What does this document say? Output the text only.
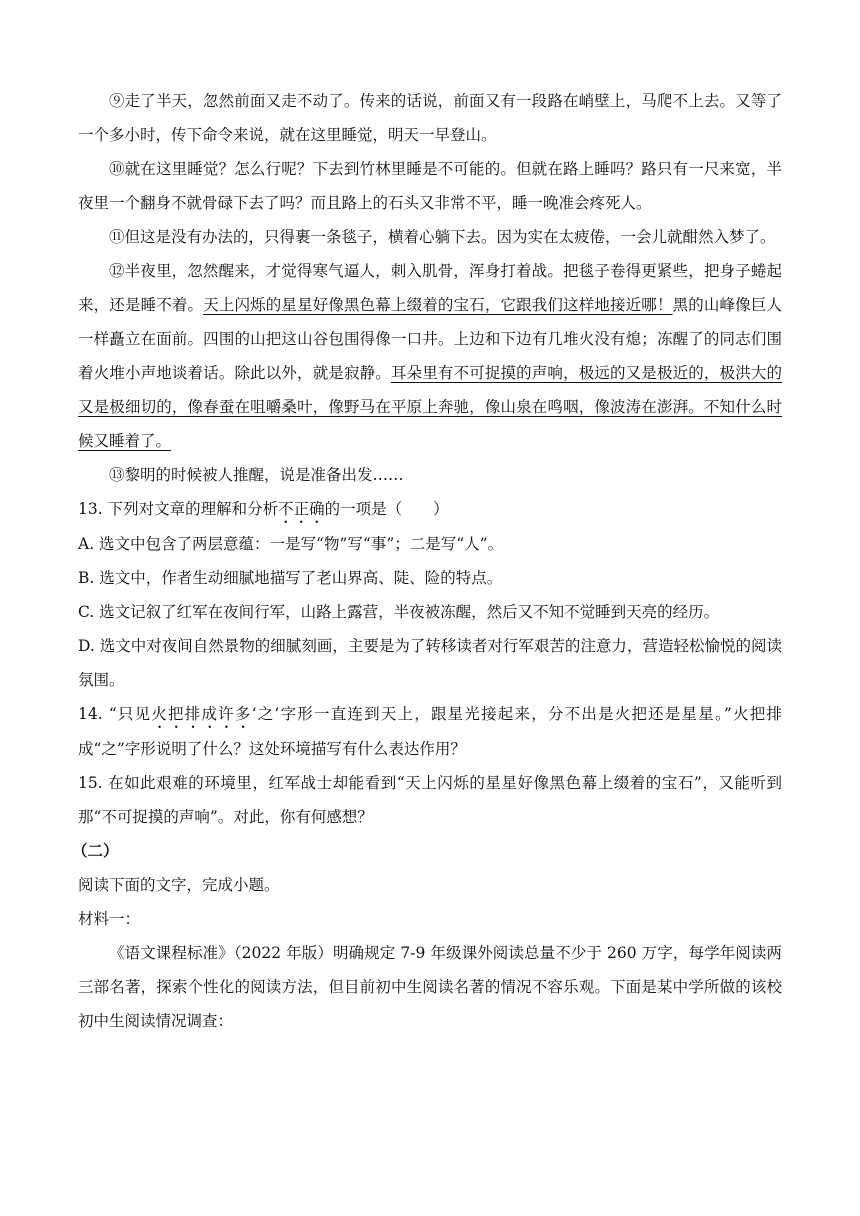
⑨走了半天，忽然前面又走不动了。传来的话说，前面又有一段路在峭壁上，马爬不上去。又等了一个多小时，传下命令来说，就在这里睡觉，明天一早登山。

⑩就在这里睡觉？怎么行呢？下去到竹林里睡是不可能的。但就在路上睡吗？路只有一尺来宽，半夜里一个翻身不就骨碌下去了吗？而且路上的石头又非常不平，睡一晚准会疼死人。

⑪但这是没有办法的，只得裹一条毯子，横着心躺下去。因为实在太疲倦，一会儿就酣然入梦了。

⑫半夜里，忽然醒来，才觉得寒气逼人，刺入肌骨，浑身打着战。把毯子卷得更紧些，把身子蜷起来，还是睡不着。天上闪烁的星星好像黑色幕上缀着的宝石，它跟我们这样地接近哪！黑的山峰像巨人一样矗立在面前。四围的山把这山谷包围得像一口井。上边和下边有几堆火没有熄；冻醒了的同志们围着火堆小声地谈着话。除此以外，就是寂静。耳朵里有不可捉摸的声响，极远的又是极近的，极洪大的又是极细切的，像春蚕在咀嚼桑叶，像野马在平原上奔驰，像山泉在鸣咽，像波涛在澎湃。不知什么时候又睡着了。

⑬黎明的时候被人推醒，说是准备出发……

13. 下列对文章的理解和分析不正确的一项是（　　）

A. 选文中包含了两层意蕴：一是写“物”写“事”；二是写“人”。

B. 选文中，作者生动细腻地描写了老山界高、陡、险的特点。

C. 选文记叙了红军在夜间行军，山路上露营，半夜被冻醒，然后又不知不觉睡到天亮的经历。

D. 选文中对夜间自然景物的细腻刻画，主要是为了转移读者对行军艰苦的注意力，营造轻松愉悦的阅读氛围。

14. “只见火把排成许多‘之’字形一直连到天上，跟星光接起来，分不出是火把还是星星。”火把排成“之”字形说明了什么？这处环境描写有什么表达作用？

15. 在如此艰难的环境里，红军战士却能看到“天上闪烁的星星好像黑色幕上缀着的宝石”，又能听到那“不可捉摸的声响”。对此，你有何感想？

（二）

阅读下面的文字，完成小题。

材料一：

《语文课程标准》（2022 年版）明确规定 7-9 年级课外阅读总量不少于 260 万字，每学年阅读两三部名著，探索个性化的阅读方法，但目前初中生阅读名著的情况不容乐观。下面是某中学所做的该校初中生阅读情况调查：
